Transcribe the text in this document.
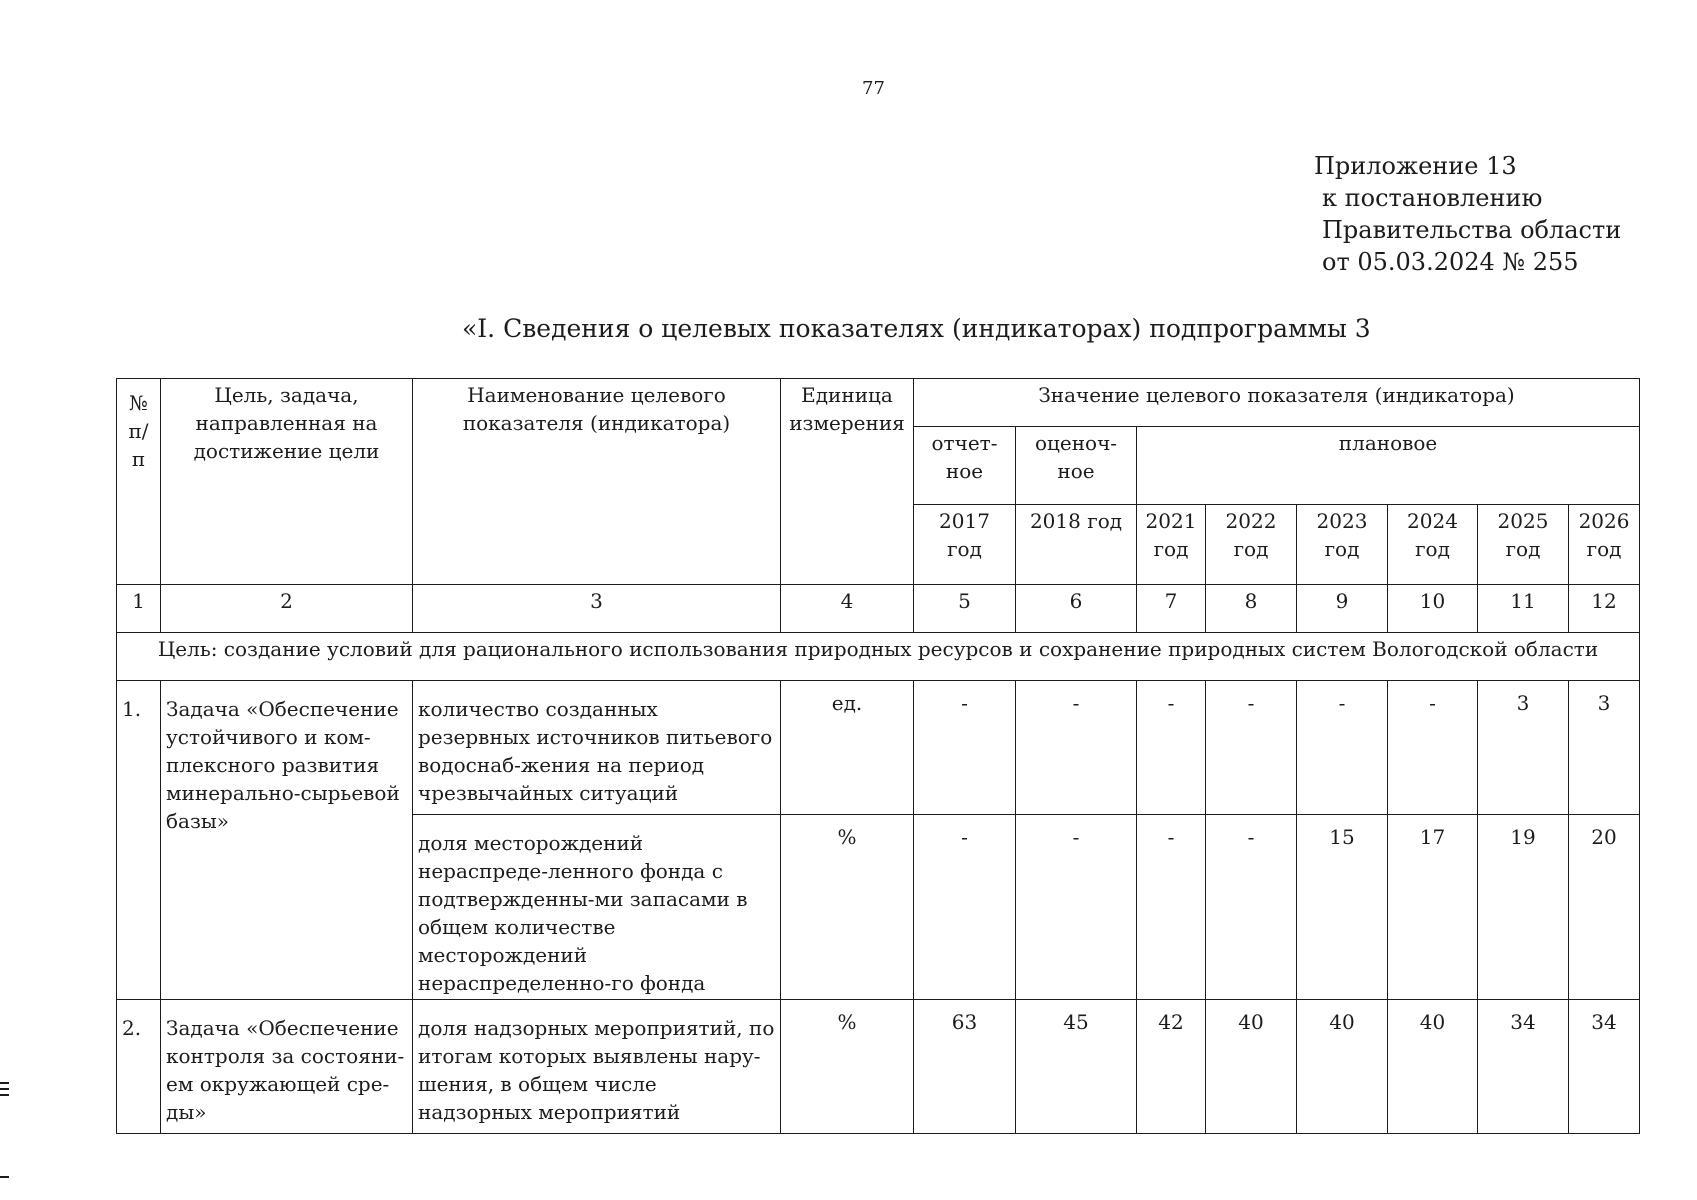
77
Приложение 13
к постановлению
Правительства области
от 05.03.2024 № 255
«I. Сведения о целевых показателях (индикаторах) подпрограммы 3
№ п/ п	Цель, задача, направленная на достижение цели	Наименование целевого показателя (индикатора)	Единица измерения	Значение целевого показателя (индикатора)							
				отчет-ное	оценоч-ное	плановое					
				2017 год	2018 год	2021 год	2022 год	2023 год	2024 год	2025 год	2026 год
1	2	3	4	5	6	7	8	9	10	11	12
Цель: создание условий для рационального использования природных ресурсов и сохранение природных систем Вологодской области											
1.	Задача «Обеспечение устойчивого и ком-плексного развития минерально-сырьевой базы»	количество созданных резервных источников питьевого водоснаб-жения на период чрезвычайных ситуаций	ед.	-	-	-	-	-	-	3	3
		доля месторождений нераспреде-ленного фонда с подтвержденны-ми запасами в общем количестве месторождений нераспределенно-го фонда	%	-	-	-	-	15	17	19	20
2.	Задача «Обеспечение контроля за состояни-ем окружающей сре-ды»	доля надзорных мероприятий, по итогам которых выявлены нару-шения, в общем числе надзорных мероприятий	%	63	45	42	40	40	40	34	34
